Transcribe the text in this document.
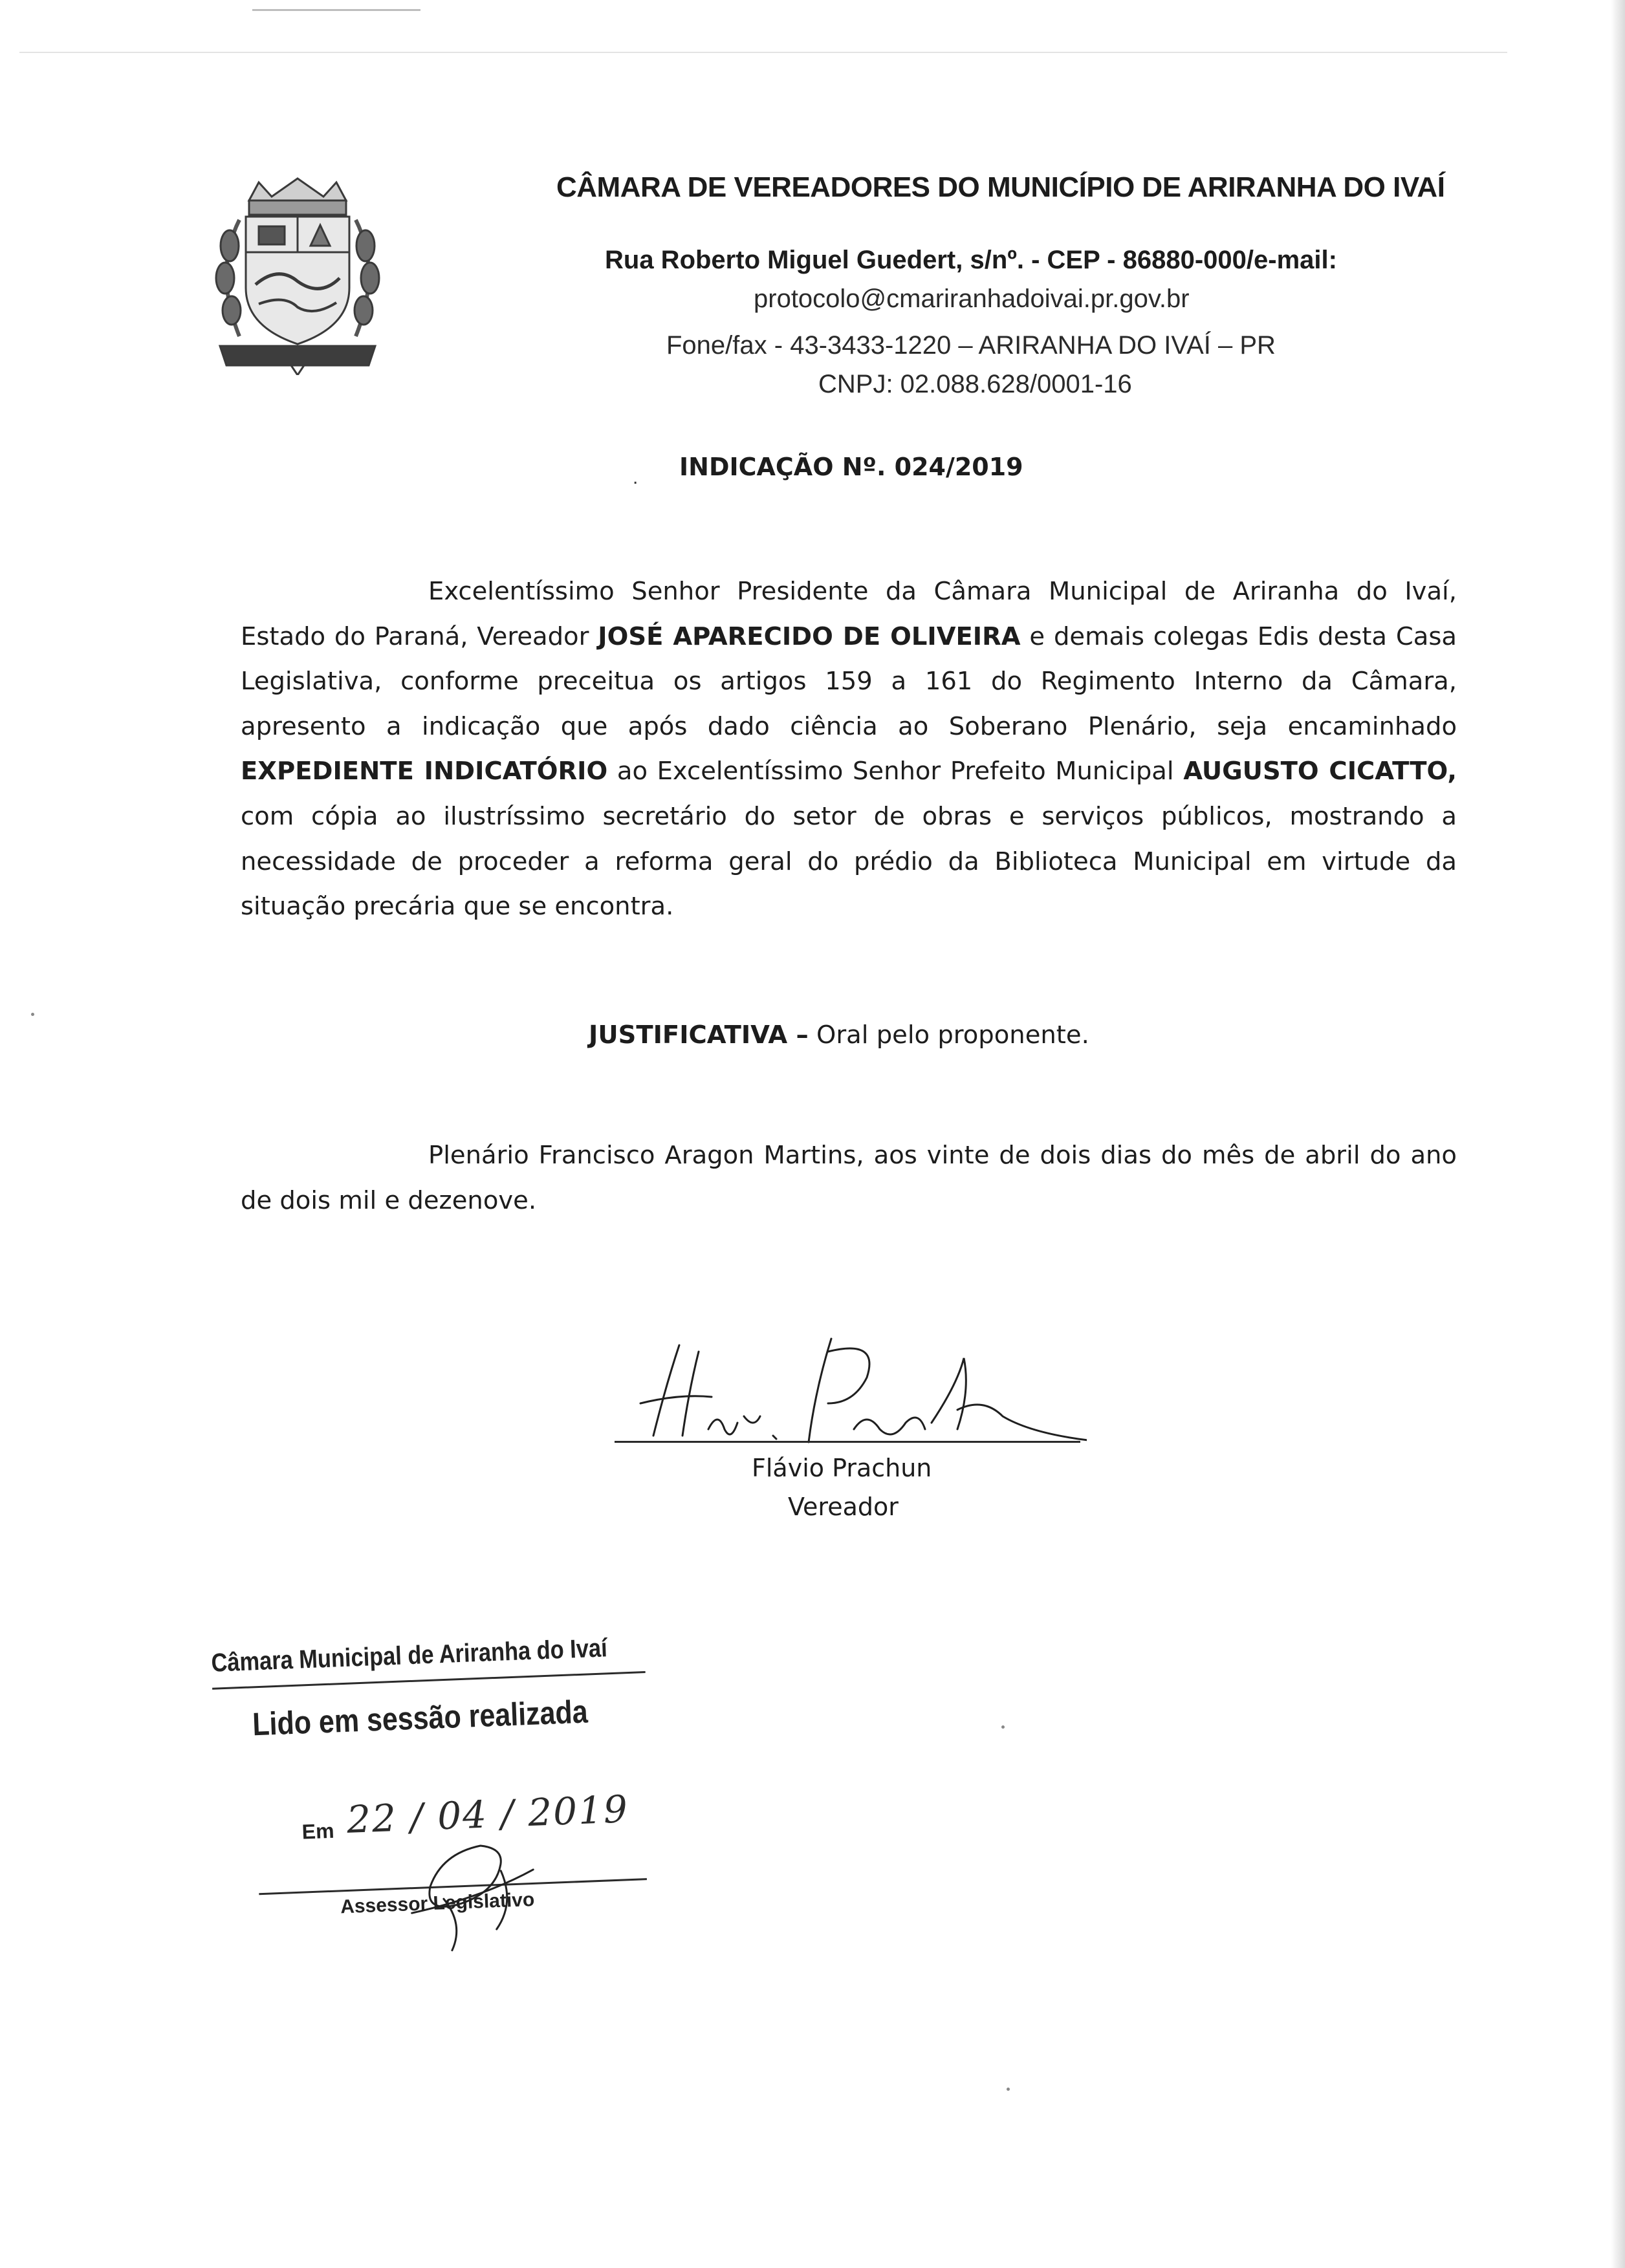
CÂMARA DE VEREADORES DO MUNICÍPIO DE ARIRANHA DO IVAÍ
Rua Roberto Miguel Guedert, s/nº. - CEP - 86880-000/e-mail:
protocolo@cmariranhadoivai.pr.gov.br
Fone/fax - 43-3433-1220 – ARIRANHA DO IVAÍ – PR
CNPJ: 02.088.628/0001-16
. INDICAÇÃO Nº. 024/2019
Excelentíssimo Senhor Presidente da Câmara Municipal de Ariranha do Ivaí, Estado do Paraná, Vereador JOSÉ APARECIDO DE OLIVEIRA e demais colegas Edis desta Casa Legislativa, conforme preceitua os artigos 159 a 161 do Regimento Interno da Câmara, apresento a indicação que após dado ciência ao Soberano Plenário, seja encaminhado EXPEDIENTE INDICATÓRIO ao Excelentíssimo Senhor Prefeito Municipal AUGUSTO CICATTO, com cópia ao ilustríssimo secretário do setor de obras e serviços públicos, mostrando a necessidade de proceder a reforma geral do prédio da Biblioteca Municipal em virtude da situação precária que se encontra.
JUSTIFICATIVA – Oral pelo proponente.
Plenário Francisco Aragon Martins, aos vinte de dois dias do mês de abril do ano de dois mil e dezenove.
Flávio Prachun
Vereador
Câmara Municipal de Ariranha do Ivaí
Lido em sessão realizada
Em 22 / 04 / 2019
Assessor Legislativo
